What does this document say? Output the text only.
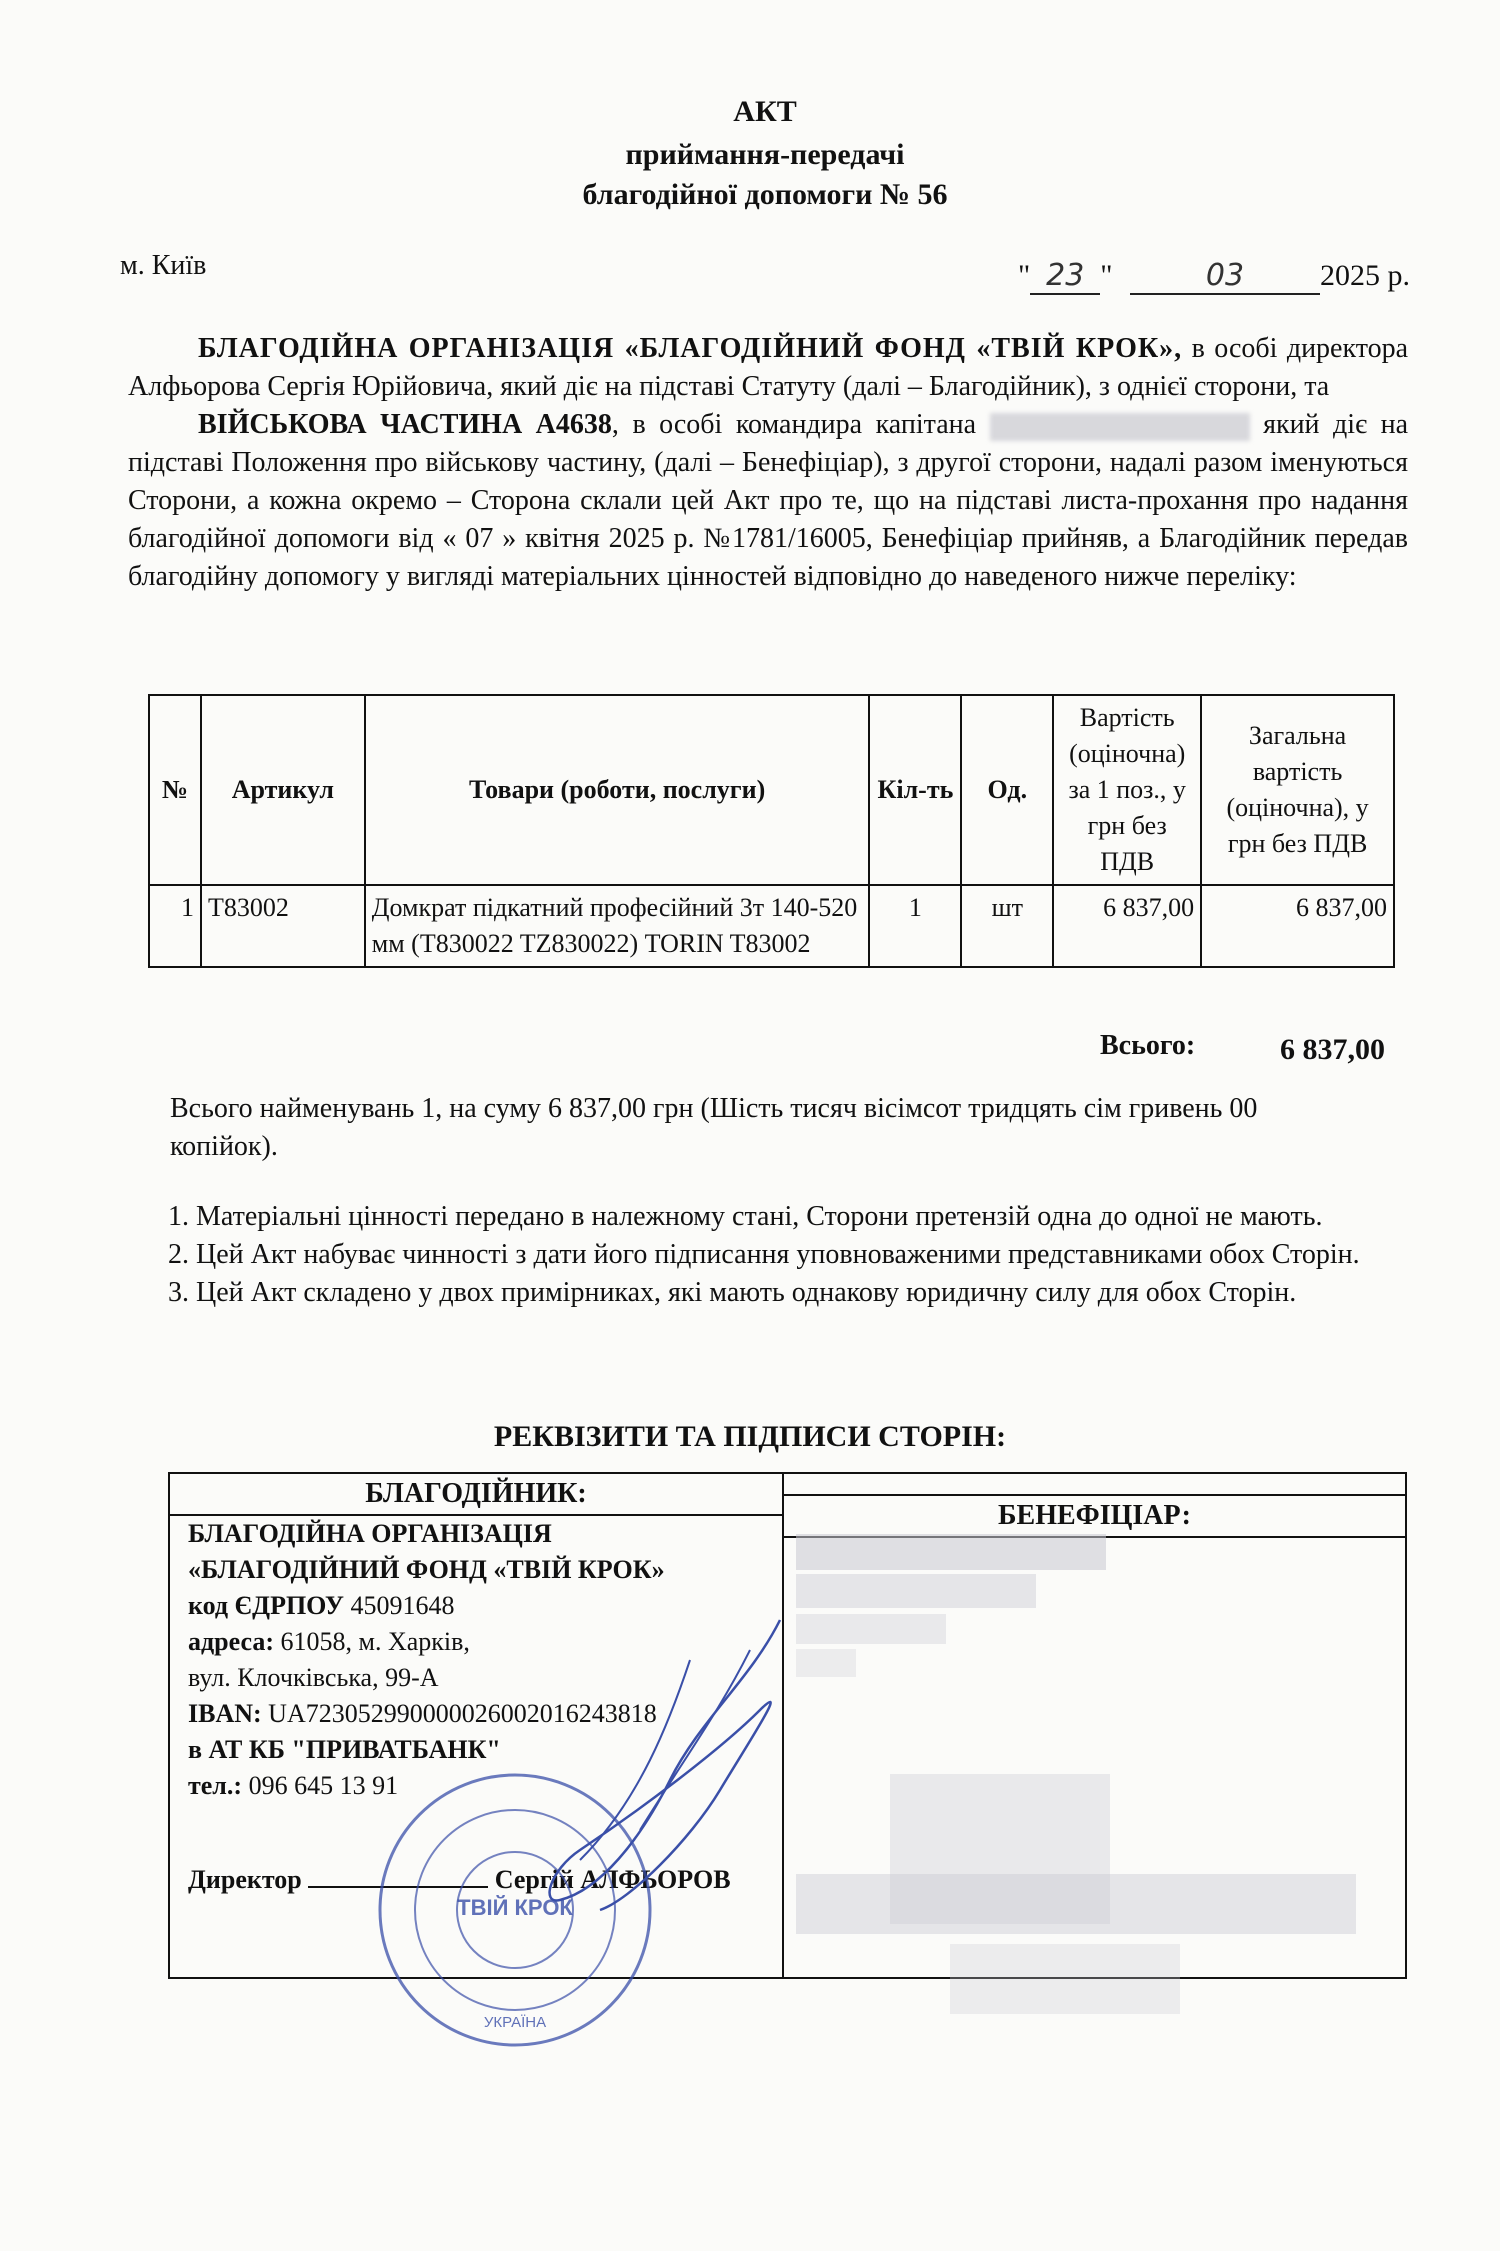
АКТ
приймання-передачі
благодійної допомоги № 56
м. Київ	" 23 "	03	2025 р.
БЛАГОДІЙНА ОРГАНІЗАЦІЯ «БЛАГОДІЙНИЙ ФОНД «ТВІЙ КРОК», в особі директора Алфьорова Сергія Юрійовича, який діє на підставі Статуту (далі – Благодійник), з однієї сторони, та
ВІЙСЬКОВА ЧАСТИНА А4638, в особі командира капітана	який діє на підставі Положення про військову частину, (далі – Бенефіціар), з другої сторони, надалі разом іменуються Сторони, а кожна окремо – Сторона склали цей Акт про те, що на підставі листа-прохання про надання благодійної допомоги від « 07 » квітня 2025 р. №1781/16005, Бенефіціар прийняв, а Благодійник передав благодійну допомогу у вигляді матеріальних цінностей відповідно до наведеного нижче переліку:
№	Артикул	Товари (роботи, послуги)	Кіл-ть	Од.	Вартість (оціночна) за 1 поз., у грн без ПДВ	Загальна вартість (оціночна), у грн без ПДВ
1	T83002	Домкрат підкатний професійний 3т 140-520 мм (T830022 TZ830022) TORIN T83002	1	шт	6 837,00	6 837,00
Всього:	6 837,00
Всього найменувань 1, на суму 6 837,00 грн (Шість тисяч вісімсот тридцять сім гривень 00 копійок).
1. Матеріальні цінності передано в належному стані, Сторони претензій одна до одної не мають.
2. Цей Акт набуває чинності з дати його підписання уповноваженими представниками обох Сторін.
3. Цей Акт складено у двох примірниках, які мають однакову юридичну силу для обох Сторін.
РЕКВІЗИТИ ТА ПІДПИСИ СТОРІН:
БЛАГОДІЙНИК:
БЕНЕФІЦІАР:
БЛАГОДІЙНА ОРГАНІЗАЦІЯ
«БЛАГОДІЙНИЙ ФОНД «ТВІЙ КРОК»
код ЄДРПОУ 45091648
адреса: 61058, м. Харків,
вул. Клочківська, 99-А
IBAN: UA723052990000026002016243818
в АТ КБ "ПРИВАТБАНК"
тел.: 096 645 13 91
Директор	Сергій АЛФЬОРОВ
ТВІЙ КРОК
УКРАЇНА
